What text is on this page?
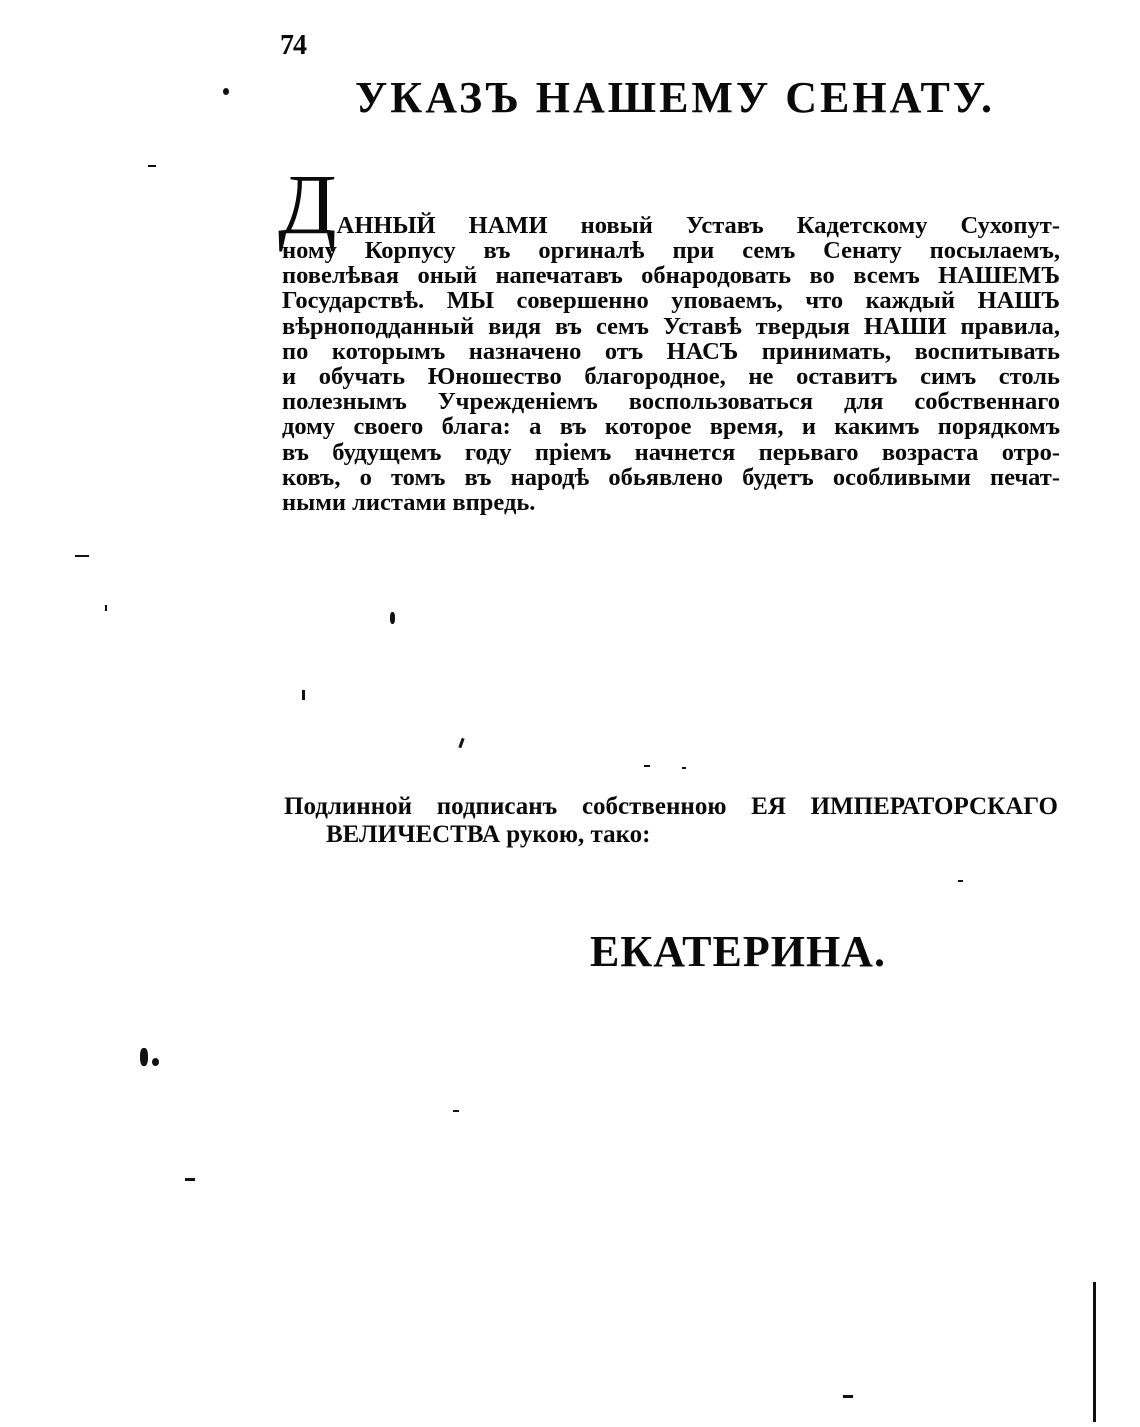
74
УКАЗЪ НАШЕМУ СЕНАТУ.
Д АННЫЙ НАМИ новый Уставъ Кадетскому Сухопут-
ному Корпусу въ оргиналѣ при семъ Сенату посылаемъ,
повелѣвая оный напечатавъ обнародовать во всемъ НАШЕМЪ
Государствѣ. МЫ совершенно уповаемъ, что каждый НАШЪ
вѣрноподданный видя въ семъ Уставѣ твердыя НАШИ правила,
по которымъ назначено отъ НАСЪ принимать, воспитывать
и обучать Юношество благородное, не оставитъ симъ столь
полезнымъ Учрежденіемъ воспользоваться для собственнаго
дому своего блага: а въ которое время, и какимъ порядкомъ
въ будущемъ году пріемъ начнется перьваго возраста отро-
ковъ, о томъ въ народѣ обьявлено будетъ особливыми печат-
ными листами впредь.
Подлинной подписанъ собственною ЕЯ ИМПЕРАТОРСКАГО
ВЕЛИЧЕСТВА рукою, тако:
ЕКАТЕРИНА.
